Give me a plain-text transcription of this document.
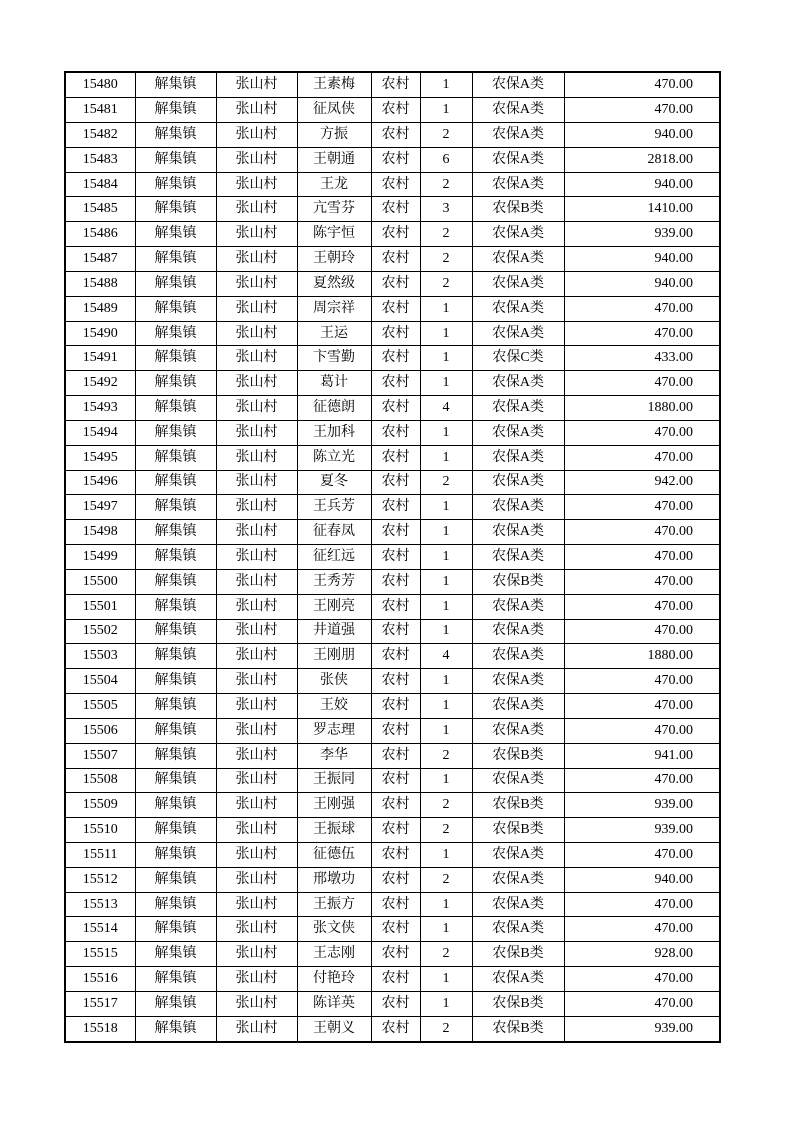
15480	解集镇	张山村	王素梅	农村	1	农保A类	470.00
15481	解集镇	张山村	征凤侠	农村	1	农保A类	470.00
15482	解集镇	张山村	方振	农村	2	农保A类	940.00
15483	解集镇	张山村	王朝通	农村	6	农保A类	2818.00
15484	解集镇	张山村	王龙	农村	2	农保A类	940.00
15485	解集镇	张山村	亢雪芬	农村	3	农保B类	1410.00
15486	解集镇	张山村	陈宇恒	农村	2	农保A类	939.00
15487	解集镇	张山村	王朝玲	农村	2	农保A类	940.00
15488	解集镇	张山村	夏然级	农村	2	农保A类	940.00
15489	解集镇	张山村	周宗祥	农村	1	农保A类	470.00
15490	解集镇	张山村	王运	农村	1	农保A类	470.00
15491	解集镇	张山村	卞雪勤	农村	1	农保C类	433.00
15492	解集镇	张山村	葛计	农村	1	农保A类	470.00
15493	解集镇	张山村	征德朗	农村	4	农保A类	1880.00
15494	解集镇	张山村	王加科	农村	1	农保A类	470.00
15495	解集镇	张山村	陈立光	农村	1	农保A类	470.00
15496	解集镇	张山村	夏冬	农村	2	农保A类	942.00
15497	解集镇	张山村	王兵芳	农村	1	农保A类	470.00
15498	解集镇	张山村	征春凤	农村	1	农保A类	470.00
15499	解集镇	张山村	征红远	农村	1	农保A类	470.00
15500	解集镇	张山村	王秀芳	农村	1	农保B类	470.00
15501	解集镇	张山村	王刚亮	农村	1	农保A类	470.00
15502	解集镇	张山村	井道强	农村	1	农保A类	470.00
15503	解集镇	张山村	王刚朋	农村	4	农保A类	1880.00
15504	解集镇	张山村	张侠	农村	1	农保A类	470.00
15505	解集镇	张山村	王姣	农村	1	农保A类	470.00
15506	解集镇	张山村	罗志理	农村	1	农保A类	470.00
15507	解集镇	张山村	李华	农村	2	农保B类	941.00
15508	解集镇	张山村	王振同	农村	1	农保A类	470.00
15509	解集镇	张山村	王刚强	农村	2	农保B类	939.00
15510	解集镇	张山村	王振球	农村	2	农保B类	939.00
15511	解集镇	张山村	征德伍	农村	1	农保A类	470.00
15512	解集镇	张山村	邢墩功	农村	2	农保A类	940.00
15513	解集镇	张山村	王振方	农村	1	农保A类	470.00
15514	解集镇	张山村	张文侠	农村	1	农保A类	470.00
15515	解集镇	张山村	王志刚	农村	2	农保B类	928.00
15516	解集镇	张山村	付艳玲	农村	1	农保A类	470.00
15517	解集镇	张山村	陈详英	农村	1	农保B类	470.00
15518	解集镇	张山村	王朝义	农村	2	农保B类	939.00
